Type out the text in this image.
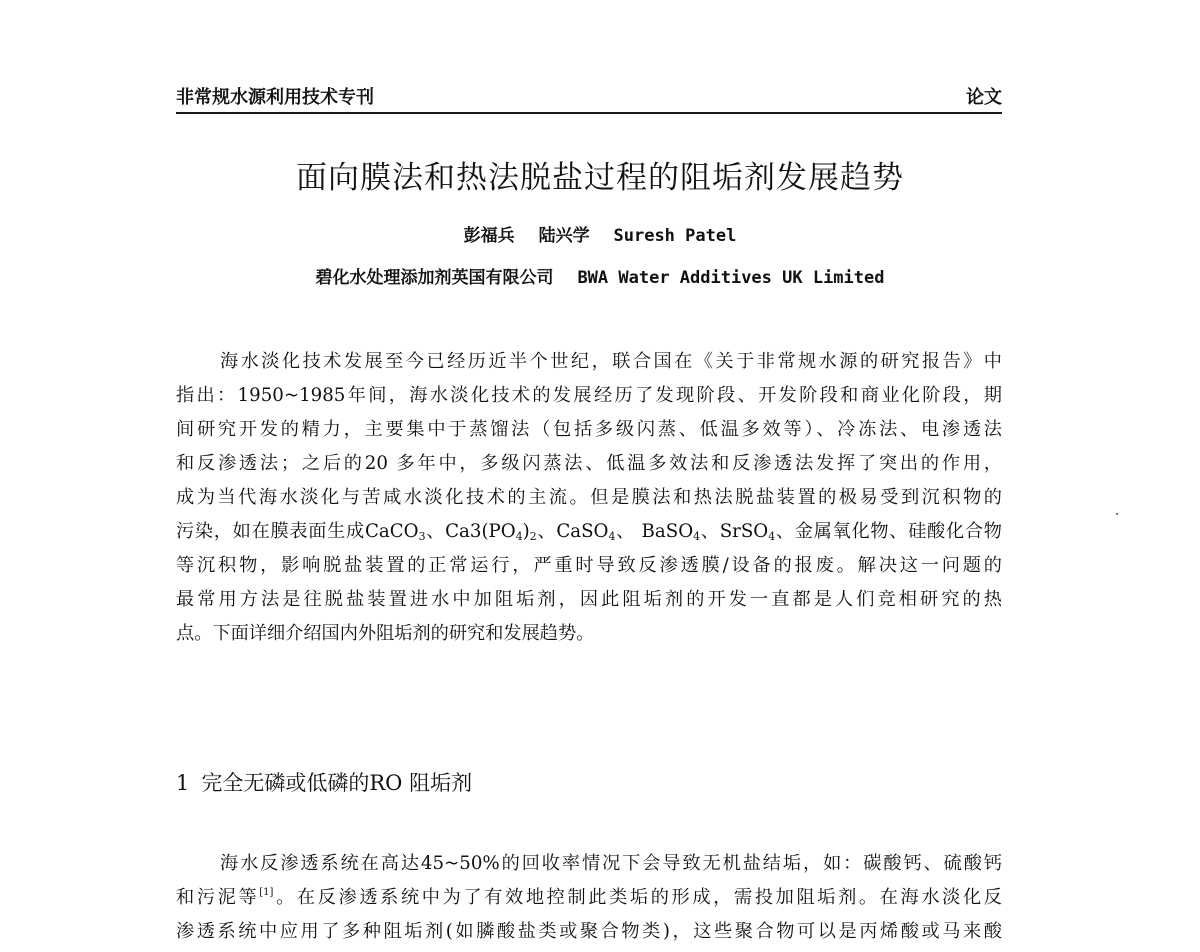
非常规水源利用技术专刊	论文
面向膜法和热法脱盐过程的阻垢剂发展趋势
彭福兵 陆兴学 Suresh Patel
碧化水处理添加剂英国有限公司 BWA Water Additives UK Limited
海水淡化技术发展至今已经历近半个世纪，联合国在《关于非常规水源的研究报告》中
指出：1950~1985年间，海水淡化技术的发展经历了发现阶段、开发阶段和商业化阶段，期
间研究开发的精力，主要集中于蒸馏法（包括多级闪蒸、低温多效等）、冷冻法、电渗透法
和反渗透法；之后的20 多年中，多级闪蒸法、低温多效法和反渗透法发挥了突出的作用，
成为当代海水淡化与苦咸水淡化技术的主流。但是膜法和热法脱盐装置的极易受到沉积物的
污染，如在膜表面生成CaCO$_3$、$Ca3(PO_4)_2$、CaSO$_4$、 BaSO$_4$、SrSO$_4$、金属氧化物、硅酸化合物
等沉积物，影响脱盐装置的正常运行，严重时导致反渗透膜/设备的报废。解决这一问题的
最常用方法是往脱盐装置进水中加阻垢剂，因此阻垢剂的开发一直都是人们竞相研究的热
点。下面详细介绍国内外阻垢剂的研究和发展趋势。
1 完全无磷或低磷的RO 阻垢剂
海水反渗透系统在高达45~50%的回收率情况下会导致无机盐结垢，如：碳酸钙、硫酸钙
和污泥等[1]。在反渗透系统中为了有效地控制此类垢的形成，需投加阻垢剂。在海水淡化反
渗透系统中应用了多种阻垢剂(如膦酸盐类或聚合物类)，这些聚合物可以是丙烯酸或马来酸
